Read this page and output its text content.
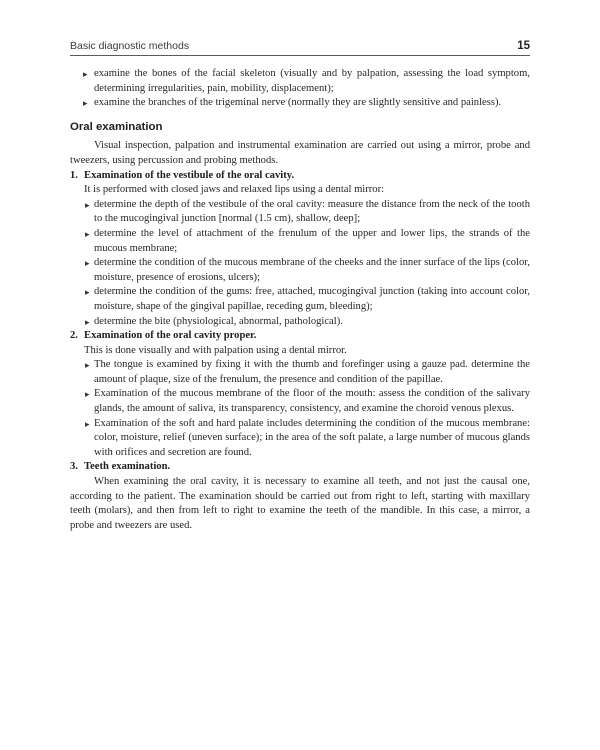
Basic diagnostic methods	15

▸ examine the bones of the facial skeleton (visually and by palpation, assessing the load symptom, determining irregularities, pain, mobility, displacement);

▸ examine the branches of the trigeminal nerve (normally they are slightly sensitive and painless).

Oral examination

Visual inspection, palpation and instrumental examination are carried out using a mirror, probe and tweezers, using percussion and probing methods.

1. Examination of the vestibule of the oral cavity.

It is performed with closed jaws and relaxed lips using a dental mirror:

▸ determine the depth of the vestibule of the oral cavity: measure the distance from the neck of the tooth to the mucogingival junction [normal (1.5 cm), shallow, deep];

▸ determine the level of attachment of the frenulum of the upper and lower lips, the strands of the mucous membrane;

▸ determine the condition of the mucous membrane of the cheeks and the inner surface of the lips (color, moisture, presence of erosions, ulcers);

▸ determine the condition of the gums: free, attached, mucogingival junction (taking into account color, moisture, shape of the gingival papillae, receding gum, bleeding);

▸ determine the bite (physiological, abnormal, pathological).

2. Examination of the oral cavity proper.

This is done visually and with palpation using a dental mirror.

▸ The tongue is examined by fixing it with the thumb and forefinger using a gauze pad. determine the amount of plaque, size of the frenulum, the presence and condition of the papillae.

▸ Examination of the mucous membrane of the floor of the mouth: assess the condition of the salivary glands, the amount of saliva, its transparency, consistency, and examine the choroid venous plexus.

▸ Examination of the soft and hard palate includes determining the condition of the mucous membrane: color, moisture, relief (uneven surface); in the area of the soft palate, a large number of mucous glands with orifices and secretion are found.

3. Teeth examination.

When examining the oral cavity, it is necessary to examine all teeth, and not just the causal one, according to the patient. The examination should be carried out from right to left, starting with maxillary teeth (molars), and then from left to right to examine the teeth of the mandible. In this case, a mirror, a probe and tweezers are used.
